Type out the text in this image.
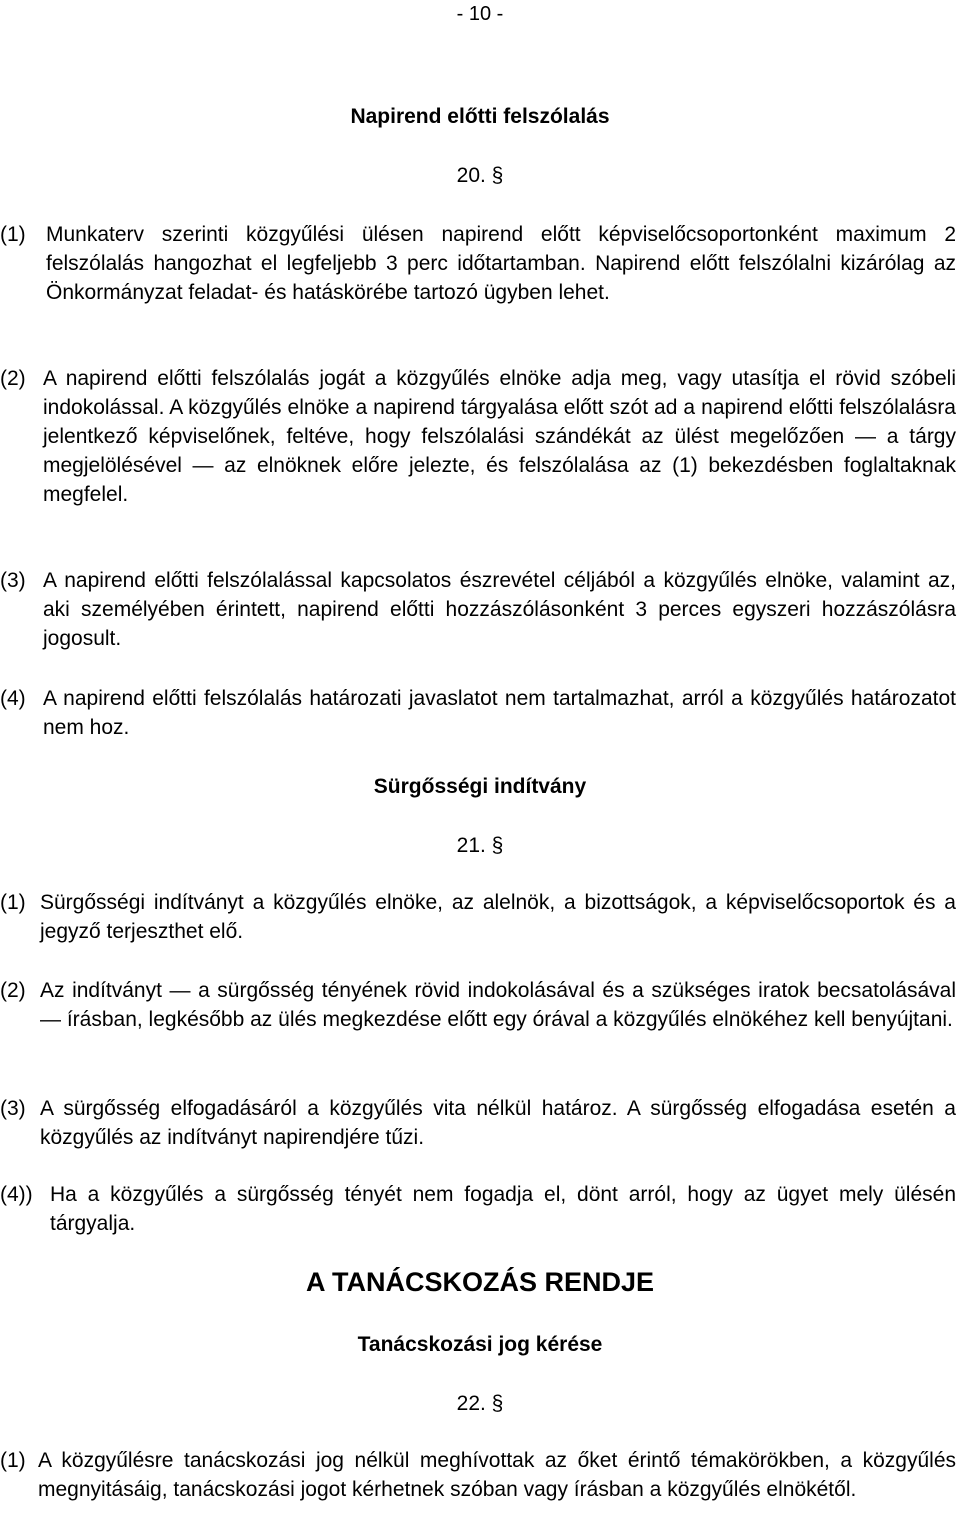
- 10 -
Napirend előtti felszólalás
20. §
(1) Munkaterv szerinti közgyűlési ülésen napirend előtt képviselőcsoportonként maximum 2 felszólalás hangozhat el legfeljebb 3 perc időtartamban. Napirend előtt felszólalni kizárólag az Önkormányzat feladat- és hatáskörébe tartozó ügyben lehet.
(2) A napirend előtti felszólalás jogát a közgyűlés elnöke adja meg, vagy utasítja el rövid szóbeli indokolással. A közgyűlés elnöke a napirend tárgyalása előtt szót ad a napirend előtti felszólalásra jelentkező képviselőnek, feltéve, hogy felszólalási szándékát az ülést megelőzően — a tárgy megjelölésével — az elnöknek előre jelezte, és felszólalása az (1) bekezdésben foglaltaknak megfelel.
(3) A napirend előtti felszólalással kapcsolatos észrevétel céljából a közgyűlés elnöke, valamint az, aki személyében érintett, napirend előtti hozzászólásonként 3 perces egyszeri hozzászólásra jogosult.
(4) A napirend előtti felszólalás határozati javaslatot nem tartalmazhat, arról a közgyűlés határozatot nem hoz.
Sürgősségi indítvány
21. §
(1) Sürgősségi indítványt a közgyűlés elnöke, az alelnök, a bizottságok, a képviselőcsoportok és a jegyző terjeszthet elő.
(2) Az indítványt — a sürgősség tényének rövid indokolásával és a szükséges iratok becsatolásával — írásban, legkésőbb az ülés megkezdése előtt egy órával a közgyűlés elnökéhez kell benyújtani.
(3) A sürgősség elfogadásáról a közgyűlés vita nélkül határoz. A sürgősség elfogadása esetén a közgyűlés az indítványt napirendjére tűzi.
(4)) Ha a közgyűlés a sürgősség tényét nem fogadja el, dönt arról, hogy az ügyet mely ülésén tárgyalja.
A TANÁCSKOZÁS RENDJE
Tanácskozási jog kérése
22. §
(1) A közgyűlésre tanácskozási jog nélkül meghívottak az őket érintő témakörökben, a közgyűlés megnyitásáig, tanácskozási jogot kérhetnek szóban vagy írásban a közgyűlés elnökétől.
